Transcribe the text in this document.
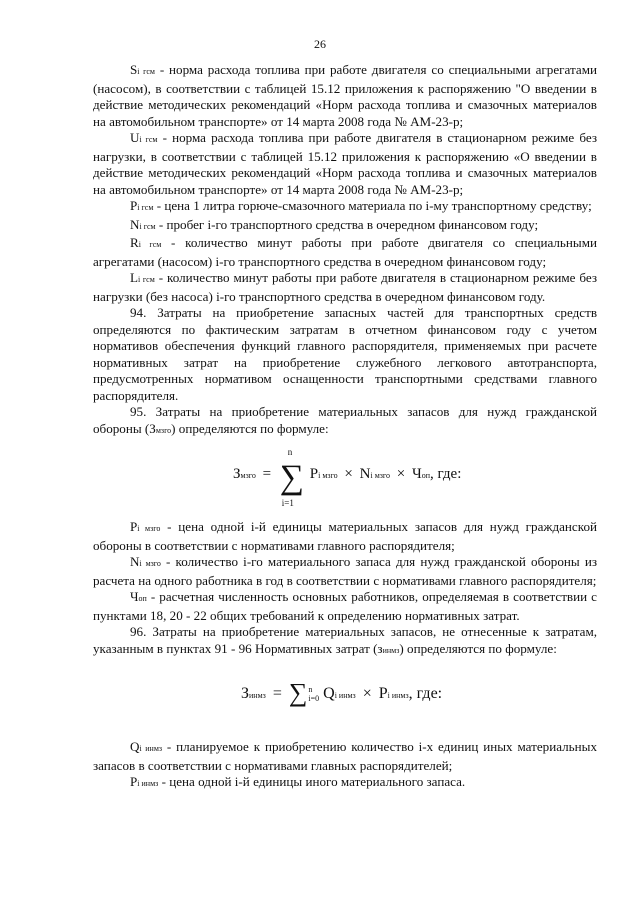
26

Si гсм - норма расхода топлива при работе двигателя со специальными агрегатами (насосом), в соответствии с таблицей 15.12 приложения к распоряжению "О введении в действие методических рекомендаций «Норм расхода топлива и смазочных материалов на автомобильном транспорте» от 14 марта 2008 года № АМ-23-р;

Ui гсм - норма расхода топлива при работе двигателя в стационарном режиме без нагрузки, в соответствии с таблицей 15.12 приложения к распоряжению «О введении в действие методических рекомендаций «Норм расхода топлива и смазочных материалов на автомобильном транспорте» от 14 марта 2008 года № АМ-23-р;

Pi гсм - цена 1 литра горюче-смазочного материала по i-му транспортному средству;

Ni гсм - пробег i-го транспортного средства в очередном финансовом году;

Ri гсм - количество минут работы при работе двигателя со специальными агрегатами (насосом) i-го транспортного средства в очередном финансовом году;

Li гсм - количество минут работы при работе двигателя в стационарном режиме без нагрузки (без насоса) i-го транспортного средства в очередном финансовом году.

94. Затраты на приобретение запасных частей для транспортных средств определяются по фактическим затратам в отчетном финансовом году с учетом нормативов обеспечения функций главного распорядителя, применяемых при расчете нормативных затрат на приобретение служебного легкового автотранспорта, предусмотренных нормативом оснащенности транспортными средствами главного распорядителя.

95. Затраты на приобретение материальных запасов для нужд гражданской обороны (Змзго) определяются по формуле:

Змзго = ∑
n
i=1
Pi мзго × Ni мзго × Чоп, где:

Pi мзго - цена одной i-й единицы материальных запасов для нужд гражданской обороны в соответствии с нормативами главного распорядителя;

Ni мзго - количество i-го материального запаса для нужд гражданской обороны из расчета на одного работника в год в соответствии с нормативами главного распорядителя;

Чоп - расчетная численность основных работников, определяемая в соответствии с пунктами 18, 20 - 22 общих требований к определению нормативных затрат.

96. Затраты на приобретение материальных запасов, не отнесенные к затратам, указанным в пунктах 91 - 96 Нормативных затрат (зинмз) определяются по формуле:

Зинмз = ∑ n
i=0 Qi инмз × Pi инмз, где:

Qi инмз - планируемое к приобретению количество i-х единиц иных материальных запасов в соответствии с нормативами главных распорядителей;

Pi инмз - цена одной i-й единицы иного материального запаса.
